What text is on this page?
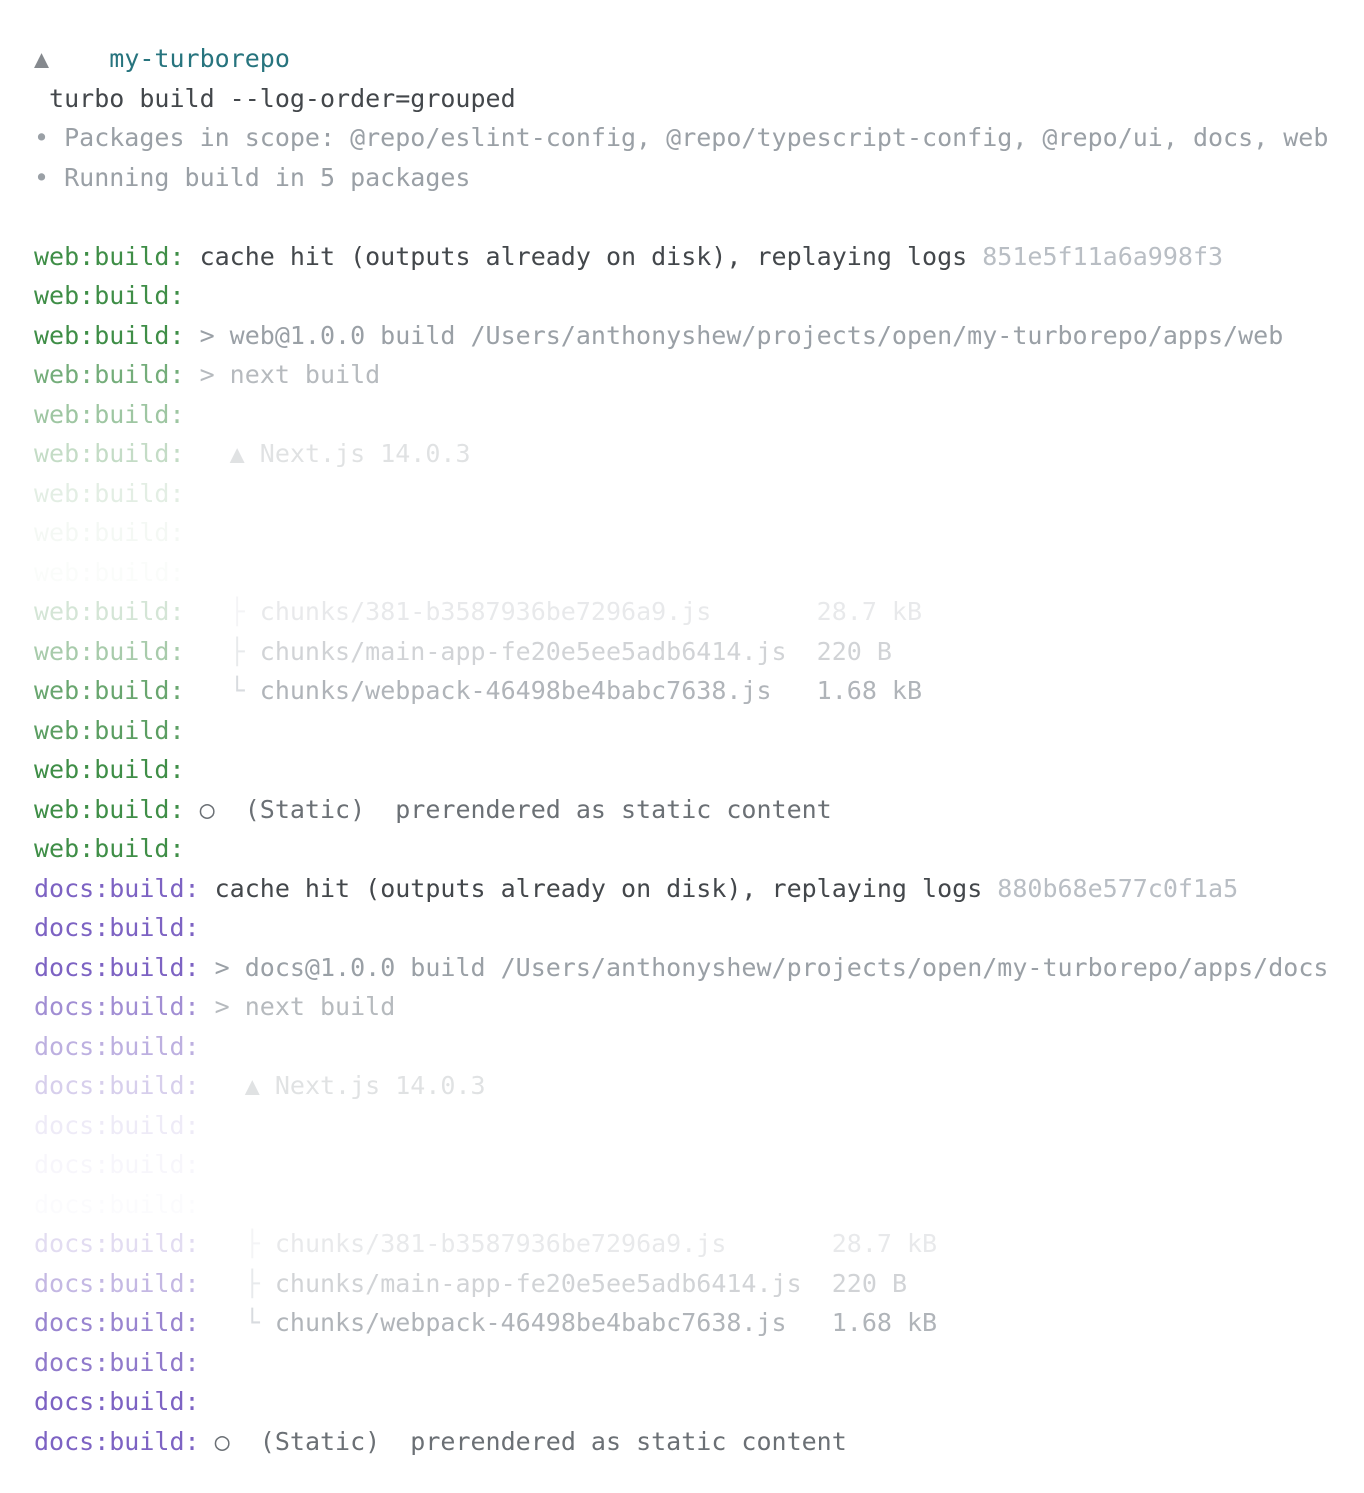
▲
my-turborepo
turbo build --log-order=grouped
• Packages in scope: @repo/eslint-config, @repo/typescript-config, @repo/ui, docs, web
• Running build in 5 packages
web:build: cache hit (outputs already on disk), replaying logs 851e5f11a6a998f3
web:build:
web:build: > web@1.0.0 build /Users/anthonyshew/projects/open/my-turborepo/apps/web
web:build: > next build
web:build:
web:build:
▲ Next.js 14.0.3
web:build:
web:build:
web:build:
├ chunks/381-b3587936be7296a9.js       28.7 kB
web:build:
├ chunks/main-app-fe20e5ee5adb6414.js  220 B
web:build:
└ chunks/webpack-46498be4babc7638.js   1.68 kB
web:build:
web:build:
web:build: ○ (Static)  prerendered as static content
web:build:
docs:build: cache hit (outputs already on disk), replaying logs 880b68e577c0f1a5
docs:build:
docs:build: > docs@1.0.0 build /Users/anthonyshew/projects/open/my-turborepo/apps/docs
docs:build: > next build
docs:build:
docs:build:
▲ Next.js 14.0.3
docs:build:
docs:build:
docs:build:
├ chunks/381-b3587936be7296a9.js       28.7 kB
docs:build:
├ chunks/main-app-fe20e5ee5adb6414.js  220 B
docs:build:
└ chunks/webpack-46498be4babc7638.js   1.68 kB
docs:build:
docs:build:
docs:build: ○ (Static)  prerendered as static content
